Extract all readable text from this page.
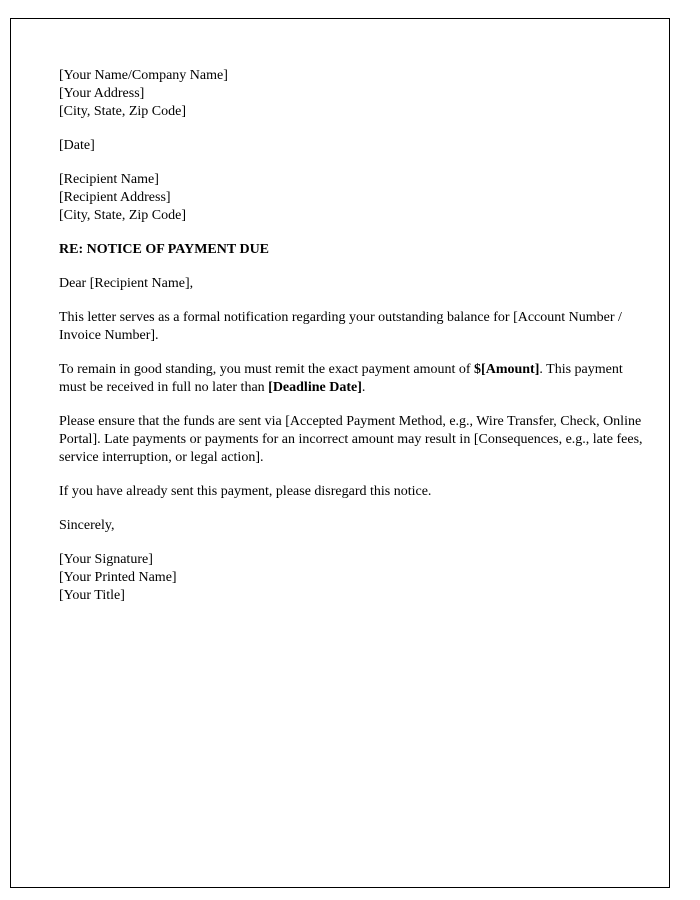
[Your Name/Company Name]
[Your Address]
[City, State, Zip Code]

[Date]

[Recipient Name]
[Recipient Address]
[City, State, Zip Code]

RE: NOTICE OF PAYMENT DUE

Dear [Recipient Name],

This letter serves as a formal notification regarding your outstanding balance for [Account Number / Invoice Number].

To remain in good standing, you must remit the exact payment amount of $[Amount]. This payment must be received in full no later than [Deadline Date].

Please ensure that the funds are sent via [Accepted Payment Method, e.g., Wire Transfer, Check, Online Portal]. Late payments or payments for an incorrect amount may result in [Consequences, e.g., late fees, service interruption, or legal action].

If you have already sent this payment, please disregard this notice.

Sincerely,

[Your Signature]
[Your Printed Name]
[Your Title]
